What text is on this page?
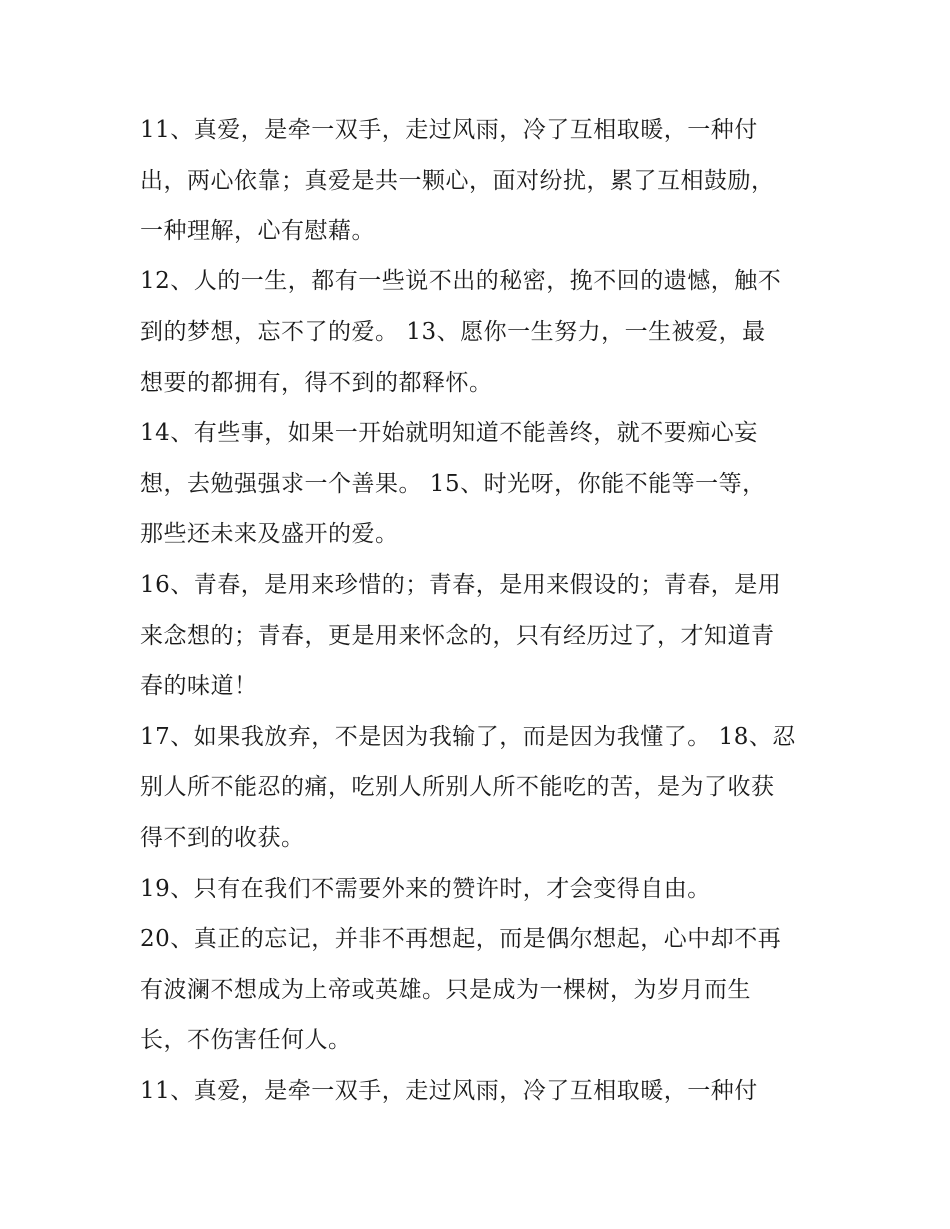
11、真爱，是牵一双手，走过风雨，冷了互相取暖，一种付
出，两心依靠；真爱是共一颗心，面对纷扰，累了互相鼓励，
一种理解，心有慰藉。
12、人的一生，都有一些说不出的秘密，挽不回的遗憾，触不
到的梦想，忘不了的爱。 13、愿你一生努力，一生被爱，最
想要的都拥有，得不到的都释怀。
14、有些事，如果一开始就明知道不能善终，就不要痴心妄
想，去勉强强求一个善果。 15、时光呀，你能不能等一等，
那些还未来及盛开的爱。
16、青春，是用来珍惜的；青春，是用来假设的；青春，是用
来念想的；青春，更是用来怀念的，只有经历过了，才知道青
春的味道！
17、如果我放弃，不是因为我输了，而是因为我懂了。 18、忍
别人所不能忍的痛，吃别人所别人所不能吃的苦，是为了收获
得不到的收获。
19、只有在我们不需要外来的赞许时，才会变得自由。
20、真正的忘记，并非不再想起，而是偶尔想起，心中却不再
有波澜不想成为上帝或英雄。只是成为一棵树，为岁月而生
长，不伤害任何人。
11、真爱，是牵一双手，走过风雨，冷了互相取暖，一种付
